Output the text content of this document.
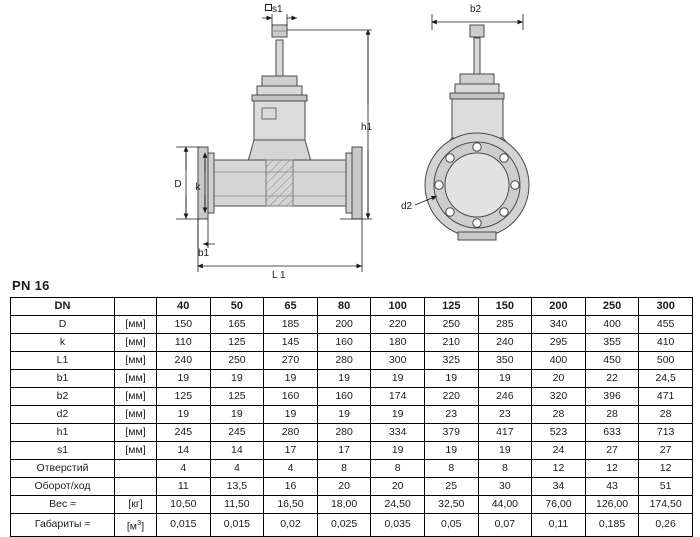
s1
h1
D k
b1
L 1
b2
d2
PN 16
DN		40	50	65	80	100	125	150	200	250	300
D	[мм]	150	165	185	200	220	250	285	340	400	455
k	[мм]	110	125	145	160	180	210	240	295	355	410
L1	[мм]	240	250	270	280	300	325	350	400	450	500
b1	[мм]	19	19	19	19	19	19	19	20	22	24,5
b2	[мм]	125	125	160	160	174	220	246	320	396	471
d2	[мм]	19	19	19	19	19	23	23	28	28	28
h1	[мм]	245	245	280	280	334	379	417	523	633	713
s1	[мм]	14	14	17	17	19	19	19	24	27	27
Отверстий		4	4	4	8	8	8	8	12	12	12
Оборот/ход		11	13,5	16	20	20	25	30	34	43	51
Вес ≈	[кг]	10,50	11,50	16,50	18,00	24,50	32,50	44,00	76,00	126,00	174,50
Габариты ≈	$[м^3]$	0,015	0,015	0,02	0,025	0,035	0,05	0,07	0,11	0,185	0,26
